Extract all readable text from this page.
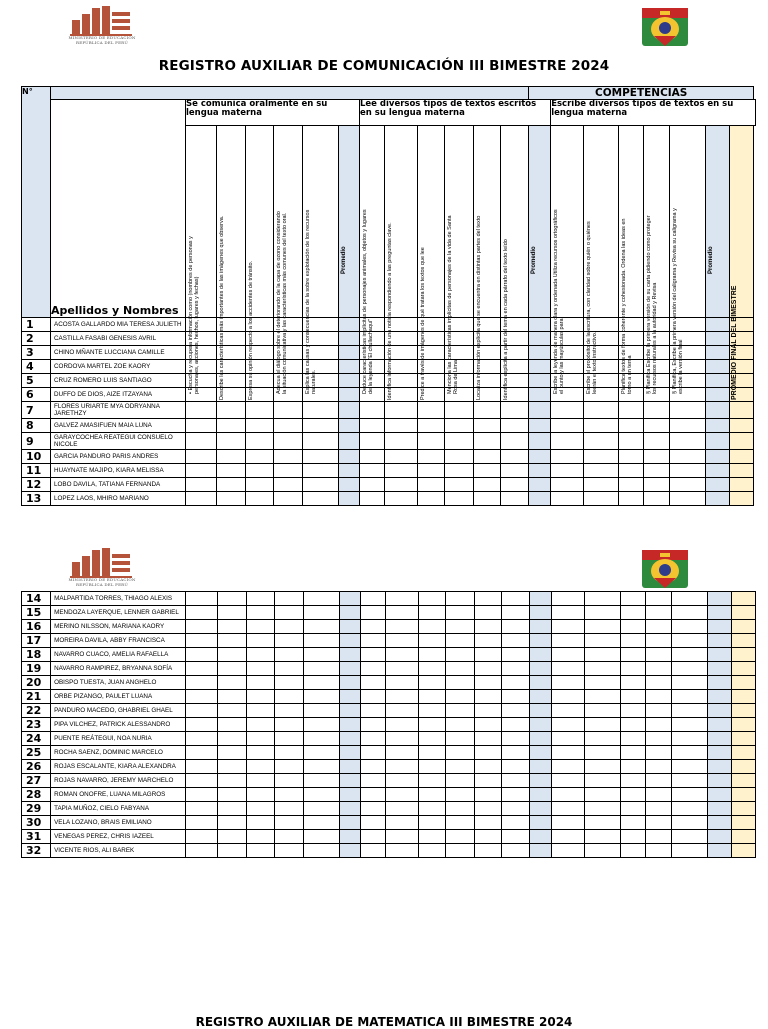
MINISTERIO DE EDUCACIÓN
REPÚBLICA DEL PERÚ
REGISTRO AUXILIAR DE COMUNICACIÓN III BIMESTRE 2024
N°														COMPETENCIAS							
	Apellidos y Nombres	Se comunica oralmente en su lengua materna						Lee diversos tipos de textos escritos en su lengua materna							Escribe diversos tipos de textos en su lengua materna						

		• Escucha y recupera información como (nombres de personas y personajes, acciones, hechos, lugares y fechas)	Describe las características más importantes de las imágenes que observa.	Expresa su opinión respecto a los accidentes de tránsito.	Adecua el diálogo sobre el deteriorando de la capa de ozono considerando la situación comunicativa y las características más comunes del texto oral.	Explica las causas y consecuencias de la sobre explotación de los recursos naturales.	Promedio	Deduce características implícitas de personajes animales, objetos y lugares de la leyenda "El chullachaqui"	Identifica información de una noticia respondiendo a las preguntas clave.	Predice a través de imágenes de qué tratara los textos que lee	Menciona las características implícitas de personajes de la vida de Santa Rosa de Lima	Localiza información explícita que se encuentra en distintas partes del texto	Identifica explícita a partir del tema en cada párrafo del texto leído	Promedio	Escribe la leyenda de manera clara y ordenada Utiliza recursos ortográficos el punto y las mayúsculas para	Escribe el propósito de la escritura, con claridad sobre quién o quiénes leerán el texto instructivo.	Planifica textos de forma coherente y cohesionada. Ordena las ideas en torno a un tema	§ Planifica Escribe la primera versión de su carta pidiendo como proteger los recursos naturales a la autoridad y Revisa	§ Planifica, Escribe la primera versión del caligrama y Revisa su caligrama y escribe la versión final	Promedio	PROMEDIO FINAL DEL BIMESTRE

1	ACOSTA GALLARDO MIA TERESA JULIETH																				
2	CASTILLA FASABI GENESIS AVRIL																				
3	CHINO MÑANTE LUCCIANA CAMILLE																				
4	CORDOVA MARTEL ZOE KAORY																				
5	CRUZ ROMERO LUIS SANTIAGO																				
6	DUFFO DE DIOS, AIZE ITZAYANA																				
7	FLORES URIARTE MYA ODRYANNA JARETHZY																				
8	GALVEZ AMASIFUEN MAIA LUNA																				
9	GARAYCOCHEA REATEGUI CONSUELO NICOLE																				
10	GARCIA PANDURO PARIS ANDRES																				
11	HUAYNATE MAJIPO, KIARA MELISSA																				
12	LOBO DAVILA, TATIANA FERNANDA																				
13	LOPEZ LAOS, MHIRO MARIANO																				
MINISTERIO DE EDUCACIÓN
REPÚBLICA DEL PERÚ
14	MALPARTIDA TORRES, THIAGO ALEXIS																				
15	MENDOZA LAYERQUE, LENNER GABRIEL																				
16	MERINO NILSSON, MARIANA KAORY																				
17	MOREIRA DAVILA, ABBY FRANCISCA																				
18	NAVARRO CUACO, AMELIA RAFAELLA																				
19	NAVARRO RAMPIREZ, BRYANNA SOFÍA																				
20	OBISPO TUESTA, JUAN ANGHELO																				
21	ORBE PIZANGO, PAULET LUANA																				
22	PANDURO MACEDO, GHABRIEL GHAEL																				
23	PIPA VILCHEZ, PATRICK ALESSANDRO																				
24	PUENTE REÁTEGUI, NOA NURIA																				
25	ROCHA SAENZ, DOMINIC MARCELO																				
26	ROJAS ESCALANTE, KIARA ALEXANDRA																				
27	ROJAS NAVARRO, JEREMY MARCHELO																				
28	ROMAN ONOFRE, LUANA MILAGROS																				
29	TAPIA MUÑOZ, CIELO FABYANA																				
30	VELA LOZANO, BRAIS EMILIANO																				
31	VENEGAS PEREZ, CHRIS IAZEEL																				
32	VICENTE RIOS, ALI BAREK																				
REGISTRO AUXILIAR DE MATEMATICA III BIMESTRE 2024
